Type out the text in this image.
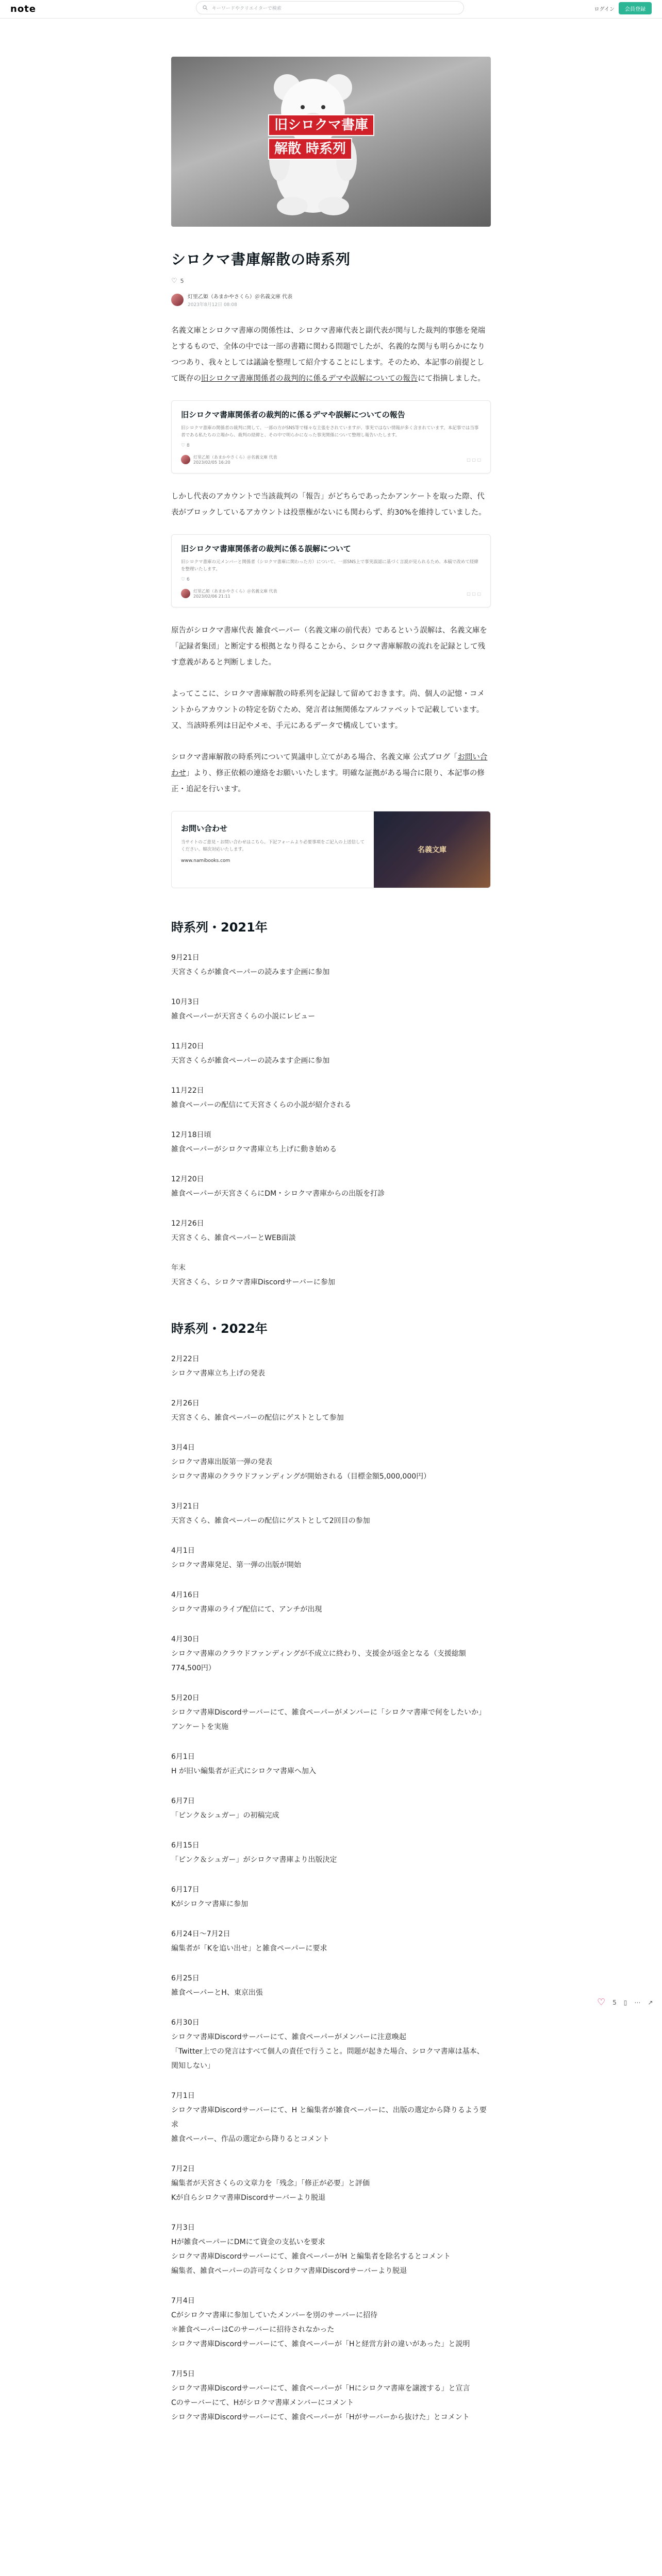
note	キーワードやクリエイターで検索	ログイン	会員登録
旧シロクマ書庫
解散 時系列
シロクマ書庫解散の時系列
♡ 5
灯里乙姫（あまかやさくら）＠名義文庫 代表
2023年8月12日 08:08

名義文庫とシロクマ書庫の関係性は、シロクマ書庫代表と副代表が関与した裁判的事態を発端とするもので、全体の中では一部の書籍に関わる問題でしたが、名義的な関与も明らかになりつつあり、我々としては議論を整理して紹介することにします。そのため、本記事の前提として既存の旧シロクマ書庫関係者の裁判的に係るデマや誤解についての報告にて指摘しました。

旧シロクマ書庫関係者の裁判的に係るデマや誤解についての報告
旧シロクマ書庫の関係者の裁判に関して、一部の方がSNS等で様々な主張をされていますが、事実ではない情報が多く含まれています。本記事では当事者である私たちの立場から、裁判の経緯と、その中で明らかになった事実関係について整理し報告いたします。
♡
8
灯里乙姫（あまかやさくら）＠名義文庫 代表
2023/02/05 16:20
□ ▢ ▢

しかし代表のアカウントで当該裁判の「報告」がどちらであったかアンケートを取った際、代表がブロックしているアカウントは投票権がないにも関わらず、約30%を維持していました。

旧シロクマ書庫関係者の裁判に係る誤解について
旧シロクマ書庫の元メンバーと関係者（シロクマ書庫に関わった方）について、一部SNS上で事実誤認に基づく言説が見られるため、本稿で改めて経緯を整理いたします。
♡
6
灯里乙姫（あまかやさくら）＠名義文庫 代表
2023/02/06 21:11
□ ▢ ▢

原告がシロクマ書庫代表 雑食ペーパー（名義文庫の前代表）であるという誤解は、名義文庫を「記録者集団」と断定する根拠となり得ることから、シロクマ書庫解散の流れを記録として残す意義があると判断しました。

よってここに、シロクマ書庫解散の時系列を記録して留めておきます。尚、個人の記憶・コメントからアカウントの特定を防ぐため、発言者は無関係なアルファベットで記載しています。又、当該時系列は日記やメモ、手元にあるデータで構成しています。

シロクマ書庫解散の時系列について異議申し立てがある場合、名義文庫 公式ブログ「お問い合わせ」より、修正依頼の連絡をお願いいたします。明確な証拠がある場合に限り、本記事の修正・追記を行います。

お問い合わせ
当サイトのご意見・お問い合わせはこちら。下記フォームより必要事項をご記入の上送信してください。順次対応いたします。
www.namibooks.com
名義文庫
時系列・2021年
9月21日
天宮さくらが雑食ペーパーの読みます企画に参加
10月3日
雑食ペーパーが天宮さくらの小説にレビュー
11月20日
天宮さくらが雑食ペーパーの読みます企画に参加
11月22日
雑食ペーパーの配信にて天宮さくらの小説が紹介される
12月18日頃
雑食ペーパーがシロクマ書庫立ち上げに動き始める
12月20日
雑食ペーパーが天宮さくらにDM・シロクマ書庫からの出版を打診
12月26日
天宮さくら、雑食ペーパーとWEB面談
年末
天宮さくら、シロクマ書庫Discordサーバーに参加
時系列・2022年
2月22日
シロクマ書庫立ち上げの発表
2月26日
天宮さくら、雑食ペーパーの配信にゲストとして参加
3月4日
シロクマ書庫出版第一弾の発表
シロクマ書庫のクラウドファンディングが開始される（目標金額5,000,000円）
3月21日
天宮さくら、雑食ペーパーの配信にゲストとして2回目の参加
4月1日
シロクマ書庫発足、第一弾の出版が開始
4月16日
シロクマ書庫のライブ配信にて、アンチが出現
4月30日
シロクマ書庫のクラウドファンディングが不成立に終わり、支援金が返金となる（支援総額774,500円）
5月20日
シロクマ書庫Discordサーバーにて、雑食ペーパーがメンバーに「シロクマ書庫で何をしたいか」アンケートを実施
6月1日
H が旧い編集者が正式にシロクマ書庫へ加入
6月7日
「ピンク＆シュガー」の初稿完成
6月15日
「ピンク＆シュガー」がシロクマ書庫より出版決定
6月17日
Kがシロクマ書庫に参加
6月24日〜7月2日
編集者が「Kを追い出せ」と雑食ペーパーに要求
6月25日
雑食ペーパーとH、東京出張
6月30日
シロクマ書庫Discordサーバーにて、雑食ペーパーがメンバーに注意喚起
「Twitter上での発言はすべて個人の責任で行うこと。問題が起きた場合、シロクマ書庫は基本、関知しない」
7月1日
シロクマ書庫Discordサーバーにて、H と編集者が雑食ペーパーに、出版の選定から降りるよう要求
雑食ペーパー、作品の選定から降りるとコメント
7月2日
編集者が天宮さくらの文章力を「残念」「修正が必要」と評価
Kが自らシロクマ書庫Discordサーバーより脱退
7月3日
Hが雑食ペーパーにDMにて資金の支払いを要求
シロクマ書庫Discordサーバーにて、雑食ペーパーがH と編集者を除名するとコメント
編集者、雑食ペーパーの許可なくシロクマ書庫Discordサーバーより脱退
7月4日
Cがシロクマ書庫に参加していたメンバーを別のサーバーに招待
＊雑食ペーパーはCのサーバーに招待されなかった
シロクマ書庫Discordサーバーにて、雑食ペーパーが「Hと経営方針の違いがあった」と説明
7月5日
シロクマ書庫Discordサーバーにて、雑食ペーパーが「Hにシロクマ書庫を譲渡する」と宣言
Cのサーバーにて、Hがシロクマ書庫メンバーにコメント
シロクマ書庫Discordサーバーにて、雑食ペーパーが「Hがサーバーから抜けた」とコメント
♡ 5 ▯ ⋯ ↗
